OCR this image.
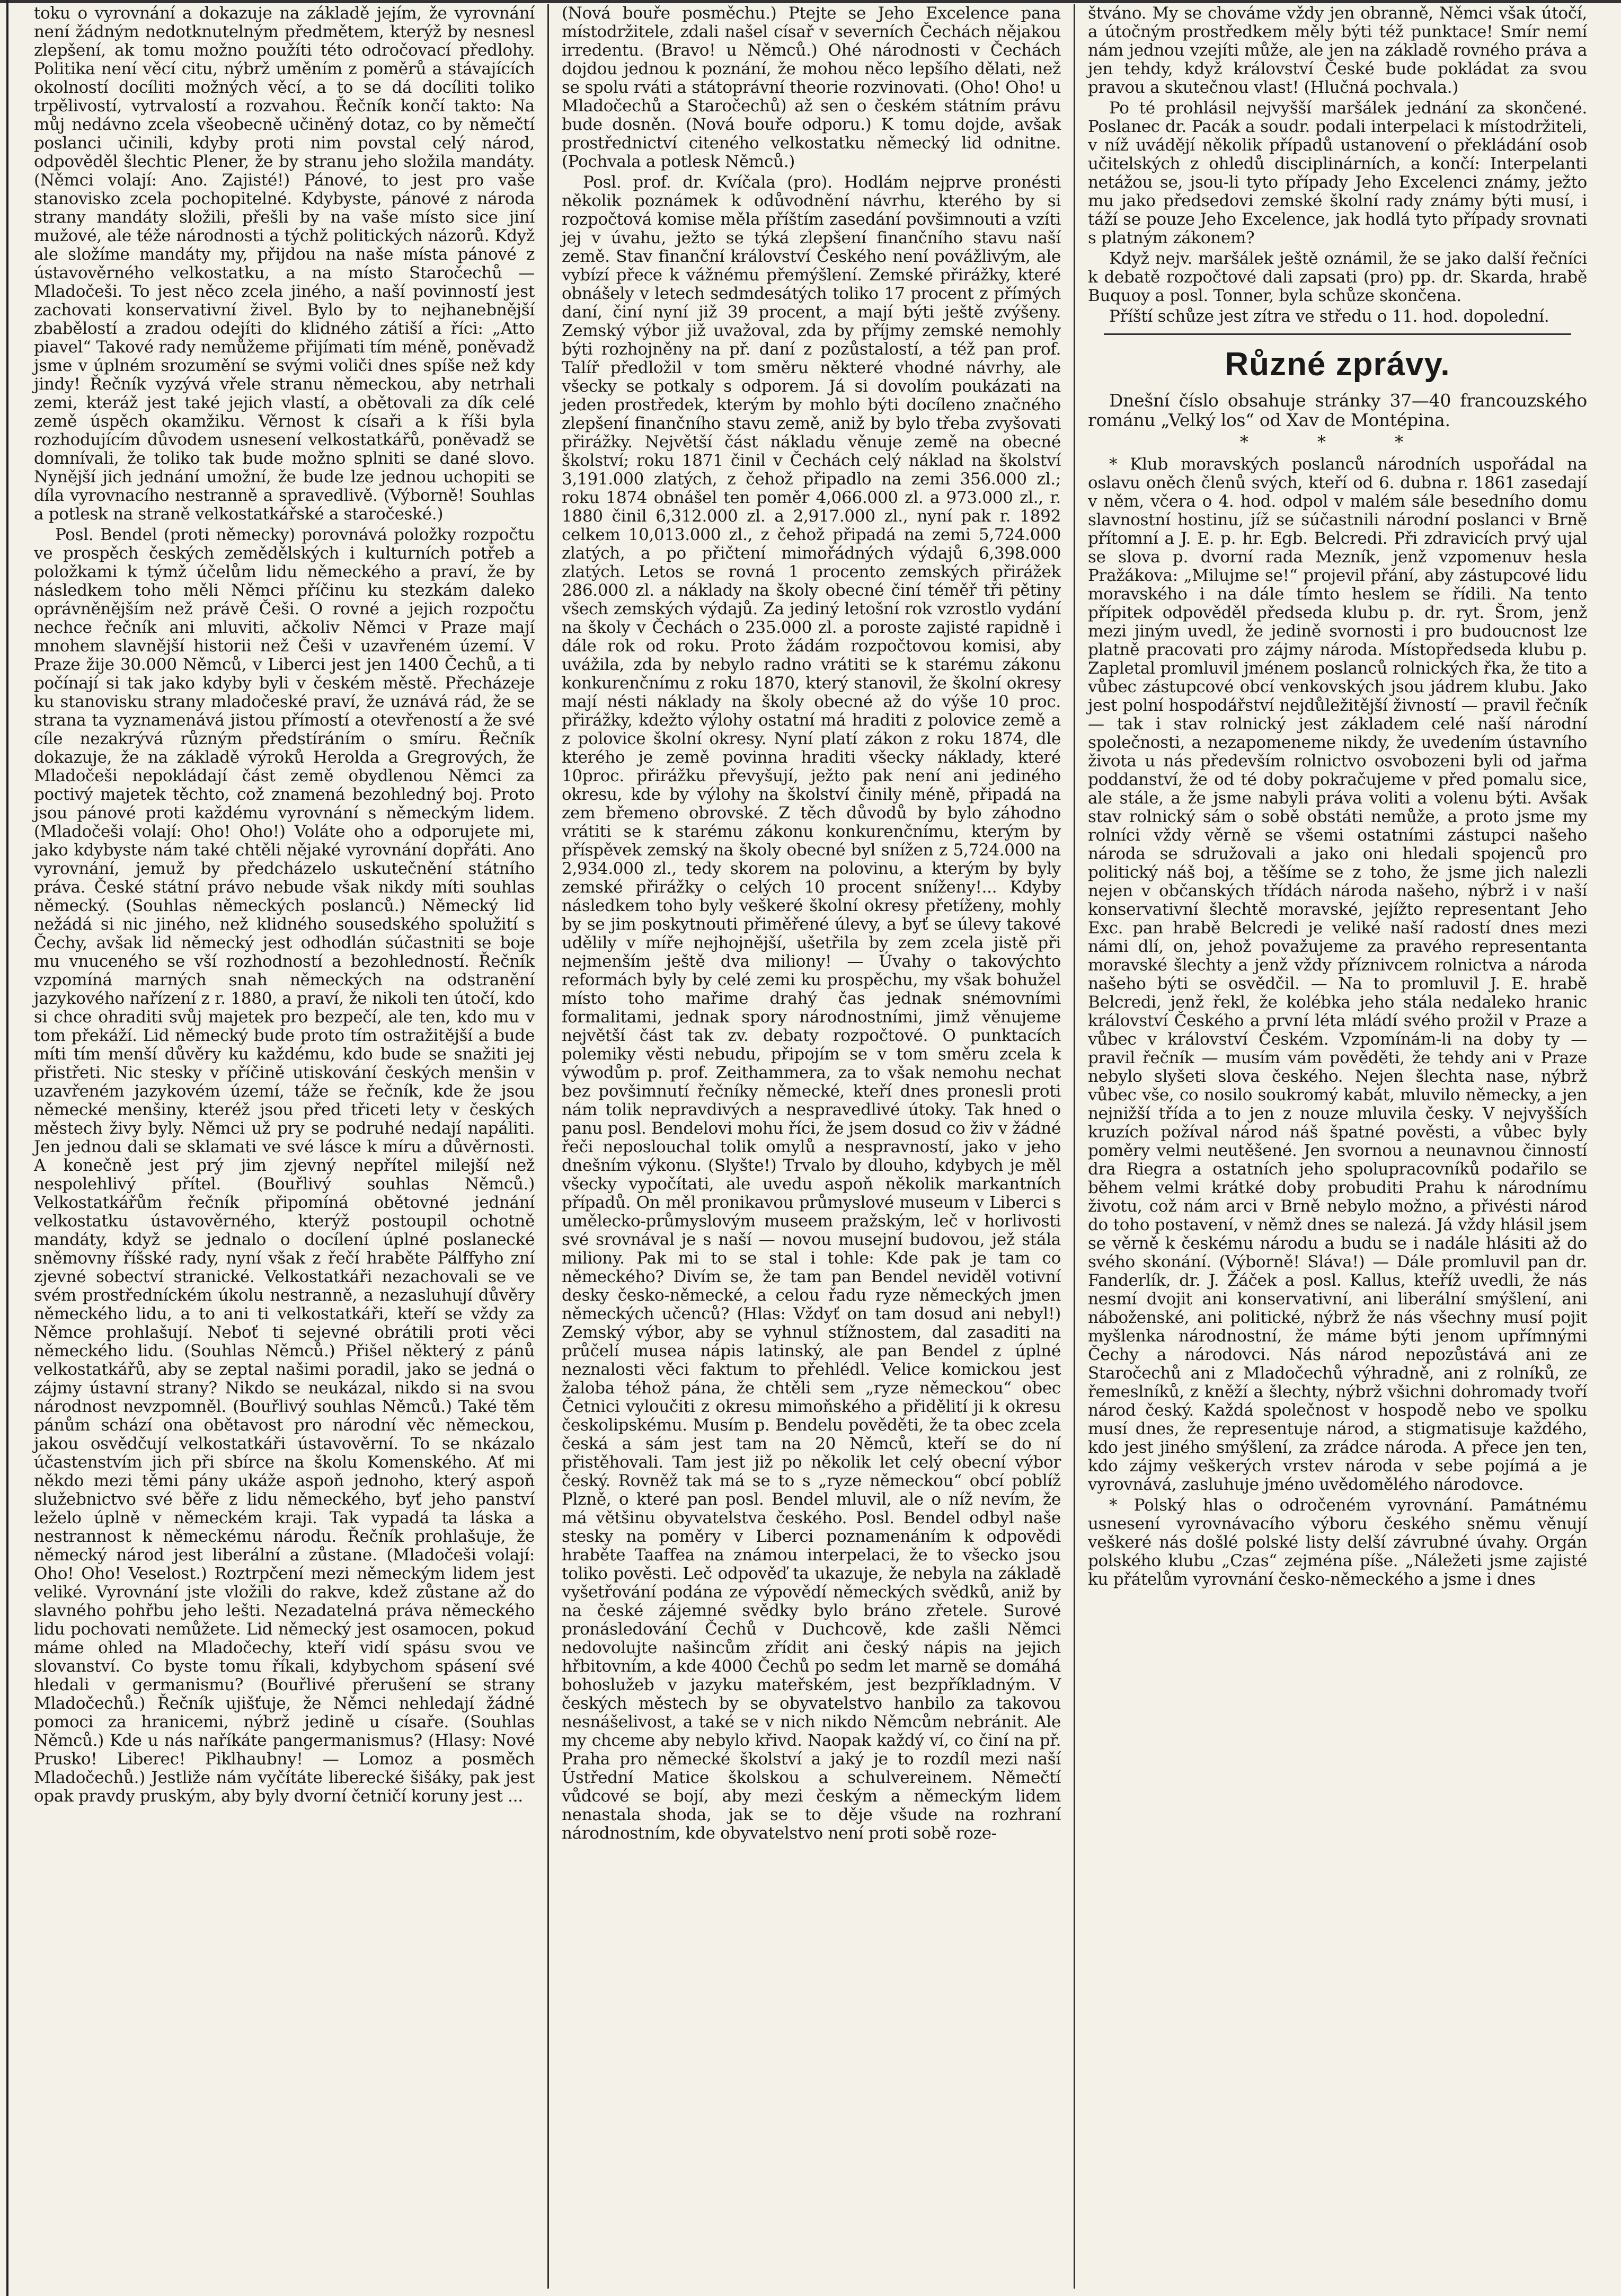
toku o vyrovnání a dokazuje na základě jejím, že vyrovnání není žádným nedotknutelným předmětem, kterýž by nesnesl zlepšení, ak tomu možno použíti této odročovací předlohy. Politika není věcí citu, nýbrž uměním z poměrů a stávajících okolností docíliti možných věcí, a to se dá docíliti toliko trpělivostí, vytrvalostí a rozvahou. Řečník končí takto: Na můj nedávno zcela všeobecně učiněný dotaz, co by němečtí poslanci učinili, kdyby proti nim povstal celý národ, odpověděl šlechtic Plener, že by stranu jeho složila mandáty. (Němci volají: Ano. Zajisté!) Pánové, to jest pro vaše stanovisko zcela pochopitelné. Kdybyste, pánové z národa strany mandáty složili, přešli by na vaše místo sice jiní mužové, ale téže národnosti a týchž politických názorů. Když ale složíme mandáty my, přijdou na naše místa pánové z ústavověrného velkostatku, a na místo Staročechů — Mladočeši. To jest něco zcela jiného, a naší povinností jest zachovati konservativní živel. Bylo by to nejhanebnější zbabělostí a zradou odejíti do klidného zátiší a říci: „Atto piavel“ Takové rady nemůžeme přijímati tím méně, poněvadž jsme v úplném srozumění se svými voliči dnes spíše než kdy jindy! Řečník vyzývá vřele stranu německou, aby netrhali zemi, kteráž jest také jejich vlastí, a obětovali za dík celé země úspěch okamžiku. Věrnost k císaři a k říši byla rozhodujícím důvodem usnesení velkostatkářů, poněvadž se domnívali, že toliko tak bude možno splniti se dané slovo. Nynější jich jednání umožní, že bude lze jednou uchopiti se díla vyrovnacího nestranně a spravedlivě. (Výborně! Souhlas a potlesk na straně velkostatkářské a staročeské.)

Posl. Bendel (proti německy) porovnává položky rozpočtu ve prospěch českých zemědělských i kulturních potřeb a položkami k týmž účelům lidu německého a praví, že by následkem toho měli Němci příčinu ku stezkám daleko oprávněnějším než právě Češi. O rovné a jejich rozpočtu nechce řečník ani mluviti, ačkoliv Němci v Praze mají mnohem slavnější historii než Češi v uzavřeném území. V Praze žije 30.000 Němců, v Liberci jest jen 1400 Čechů, a ti počínají si tak jako kdyby byli v českém městě. Přecházeje ku stanovisku strany mladočeské praví, že uznává rád, že se strana ta vyznamenává jistou přímostí a otevřeností a že své cíle nezakrývá různým předstíráním o smíru. Řečník dokazuje, že na základě výroků Herolda a Gregrových, že Mladočeši nepokládají část země obydlenou Němci za poctivý majetek těchto, což znamená bezohledný boj. Proto jsou pánové proti každému vyrovnání s německým lidem. (Mladočeši volají: Oho! Oho!) Voláte oho a odporujete mi, jako kdybyste nám také chtěli nějaké vyrovnání dopřáti. Ano vyrovnání, jemuž by předcházelo uskutečnění státního práva. České státní právo nebude však nikdy míti souhlas německý. (Souhlas německých poslanců.) Německý lid nežádá si nic jiného, než klidného sousedského spolužití s Čechy, avšak lid německý jest odhodlán súčastniti se boje mu vnuceného se vší rozhodností a bezohledností. Řečník vzpomíná marných snah německých na odstranění jazykového nařízení z r. 1880, a praví, že nikoli ten útočí, kdo si chce ohraditi svůj majetek pro bezpečí, ale ten, kdo mu v tom překáží. Lid německý bude proto tím ostražitější a bude míti tím menší důvěry ku každému, kdo bude se snažiti jej přistřeti. Nic stesky v příčině utiskování českých menšin v uzavřeném jazykovém území, táže se řečník, kde že jsou německé menšiny, kteréž jsou před třiceti lety v českých městech živy byly. Němci už pry se podruhé nedají napáliti. Jen jednou dali se sklamati ve své lásce k míru a důvěrnosti. A konečně jest prý jim zjevný nepřítel milejší než nespolehlivý přítel. (Bouřlivý souhlas Němců.) Velkostatkářům řečník připomíná obětovné jednání velkostatku ústavověrného, kterýž postoupil ochotně mandáty, když se jednalo o docílení úplné poslanecké sněmovny říšské rady, nyní však z řečí hraběte Pálffyho zní zjevné sobectví stranické. Velkostatkáři nezachovali se ve svém prostředníckém úkolu nestranně, a nezasluhují důvěry německého lidu, a to ani ti velkostatkáři, kteří se vždy za Němce prohlašují. Neboť ti sejevné obrátili proti věci německého lidu. (Souhlas Němců.) Přišel některý z pánů velkostatkářů, aby se zeptal našimi poradil, jako se jedná o zájmy ústavní strany? Nikdo se neukázal, nikdo si na svou národnost nevzpomněl. (Bouřlivý souhlas Němců.) Také těm pánům schází ona obětavost pro národní věc německou, jakou osvědčují velkostatkáři ústavověrní. To se nkázalo účastenstvím jich při sbírce na školu Komenského. Ať mi někdo mezi těmi pány ukáže aspoň jednoho, který aspoň služebnictvo své běře z lidu německého, byť jeho panství leželo úplně v německém kraji. Tak vypadá ta láska a nestrannost k německému národu. Řečník prohlašuje, že německý národ jest liberální a zůstane. (Mladočeši volají: Oho! Oho! Veselost.) Roztrpčení mezi německým lidem jest veliké. Vyrovnání jste vložili do rakve, kdež zůstane až do slavného pohřbu jeho lešti. Nezadatelná práva německého lidu pochovati nemůžete. Lid německý jest osamocen, pokud máme ohled na Mladočechy, kteří vidí spásu svou ve slovanství. Co byste tomu říkali, kdybychom spásení své hledali v germanismu? (Bouřlivé přerušení se strany Mladočechů.) Řečník ujišťuje, že Němci nehledají žádné pomoci za hranicemi, nýbrž jedině u císaře. (Souhlas Němců.) Kde u nás naříkáte pangermanismus? (Hlasy: Nové Prusko! Liberec! Piklhaubny! — Lomoz a posměch Mladočechů.) Jestliže nám vyčítáte liberecké šišáky, pak jest opak pravdy pruským, aby byly dvorní četničí koruny jest ...

(Nová bouře posměchu.) Ptejte se Jeho Excelence pana místodržitele, zdali našel císař v severních Čechách nějakou irredentu. (Bravo! u Němců.) Ohé národnosti v Čechách dojdou jednou k poznání, že mohou něco lepšího dělati, než se spolu rváti a státoprávní theorie rozvinovati. (Oho! Oho! u Mladočechů a Staročechů) až sen o českém státním právu bude dosněn. (Nová bouře odporu.) K tomu dojde, avšak prostřednictví citeného velkostatku německý lid odnitne. (Pochvala a potlesk Němců.)

Posl. prof. dr. Kvíčala (pro). Hodlám nejprve pronésti několik poznámek k odůvodnění návrhu, kterého by si rozpočtová komise měla příštím zasedání povšimnouti a vzíti jej v úvahu, ježto se týká zlepšení finančního stavu naší země. Stav finanční království Českého není povážlivým, ale vybízí přece k vážnému přemýšlení. Zemské přirážky, které obnášely v letech sedmdesátých toliko 17 procent z přímých daní, činí nyní již 39 procent, a mají býti ještě zvýšeny. Zemský výbor již uvažoval, zda by příjmy zemské nemohly býti rozhojněny na př. daní z pozůstalostí, a též pan prof. Talíř předložil v tom směru některé vhodné návrhy, ale všecky se potkaly s odporem. Já si dovolím poukázati na jeden prostředek, kterým by mohlo býti docíleno značného zlepšení finančního stavu země, aniž by bylo třeba zvyšovati přirážky. Největší část nákladu věnuje země na obecné školství; roku 1871 činil v Čechách celý náklad na školství 3,191.000 zlatých, z čehož připadlo na zemi 356.000 zl.; roku 1874 obnášel ten poměr 4,066.000 zl. a 973.000 zl., r. 1880 činil 6,312.000 zl. a 2,917.000 zl., nyní pak r. 1892 celkem 10,013.000 zl., z čehož připadá na zemi 5,724.000 zlatých, a po přičtení mimořádných výdajů 6,398.000 zlatých. Letos se rovná 1 procento zemských přirážek 286.000 zl. a náklady na školy obecné činí téměř tři pětiny všech zemských výdajů. Za jediný letošní rok vzrostlo vydání na školy v Čechách o 235.000 zl. a poroste zajisté rapidně i dále rok od roku. Proto žádám rozpočtovou komisi, aby uvážila, zda by nebylo radno vrátiti se k starému zákonu konkurenčnímu z roku 1870, který stanovil, že školní okresy mají nésti náklady na školy obecné až do výše 10 proc. přirážky, kdežto výlohy ostatní má hraditi z polovice země a z polovice školní okresy. Nyní platí zákon z roku 1874, dle kterého je země povinna hraditi všecky náklady, které 10proc. přirážku převyšují, ježto pak není ani jediného okresu, kde by výlohy na školství činily méně, připadá na zem břemeno obrovské. Z těch důvodů by bylo záhodno vrátiti se k starému zákonu konkurenčnímu, kterým by příspěvek zemský na školy obecné byl snížen z 5,724.000 na 2,934.000 zl., tedy skorem na polovinu, a kterým by byly zemské přirážky o celých 10 procent sníženy!... Kdyby následkem toho byly veškeré školní okresy přetíženy, mohly by se jim poskytnouti přiměřené úlevy, a byť se úlevy takové udělily v míře nejhojnější, ušetřila by zem zcela jistě při nejmenším ještě dva miliony! — Úvahy o takovýchto reformách byly by celé zemi ku prospěchu, my však bohužel místo toho mařime drahý čas jednak snémovními formalitami, jednak spory národnostními, jimž věnujeme největší část tak zv. debaty rozpočtové. O punktacích polemiky věsti nebudu, připojím se v tom směru zcela k výwodům p. prof. Zeithammera, za to však nemohu nechat bez povšimnutí řečníky německé, kteří dnes pronesli proti nám tolik nepravdivých a nespravedlivé útoky. Tak hned o panu posl. Bendelovi mohu říci, že jsem dosud co živ v žádné řeči neposlouchal tolik omylů a nespravností, jako v jeho dnešním výkonu. (Slyšte!) Trvalo by dlouho, kdybych je měl všecky vypočítati, ale uvedu aspoň několik markantních případů. On měl pronikavou průmyslové museum v Liberci s umělecko-průmyslovým museem pražským, leč v horlivosti své srovnával je s naší — novou musejní budovou, jež stála miliony. Pak mi to se stal i tohle: Kde pak je tam co německého? Divím se, že tam pan Bendel neviděl votivní desky česko-německé, a celou řadu ryze německých jmen německých učenců? (Hlas: Vždyť on tam dosud ani nebyl!) Zemský výbor, aby se vyhnul stížnostem, dal zasaditi na průčelí musea nápis latinský, ale pan Bendel z úplné neznalosti věci faktum to přehlédl. Velice komickou jest žaloba téhož pána, že chtěli sem „ryze německou“ obec Četnici vyloučiti z okresu mimoňského a přidělití ji k okresu českolipskému. Musím p. Bendelu pověděti, že ta obec zcela česká a sám jest tam na 20 Němců, kteří se do ní přistěhovali. Tam jest již po několik let celý obecní výbor český. Rovněž tak má se to s „ryze německou“ obcí poblíž Plzně, o které pan posl. Bendel mluvil, ale o níž nevím, že má většinu obyvatelstva českého. Posl. Bendel odbyl naše stesky na poměry v Liberci poznamenáním k odpovědi hraběte Taaffea na známou interpelaci, že to všecko jsou toliko pověsti. Leč odpověď ta ukazuje, že nebyla na základě vyšetřování podána ze výpovědí německých svědků, aniž by na české zájemné svědky bylo bráno zřetele. Surové pronásledování Čechů v Duchcově, kde zašli Němci nedovolujte našincům zřídit ani český nápis na jejich hřbitovním, a kde 4000 Čechů po sedm let marně se domáhá bohoslužeb v jazyku mateřském, jest bezpříkladným. V českých městech by se obyvatelstvo hanbilo za takovou nesnášelivost, a také se v nich nikdo Němcům nebránit. Ale my chceme aby nebylo křivd. Naopak každý ví, co činí na př. Praha pro německé školství a jaký je to rozdíl mezi naší Ústřední Matice školskou a schulvereinem. Němečtí vůdcové se bojí, aby mezi českým a německým lidem nenastala shoda, jak se to děje všude na rozhraní národnostním, kde obyvatelstvo není proti sobě roze-

štváno. My se chováme vždy jen obranně, Němci však útočí, a útočným prostředkem měly býti též punktace! Smír nemí nám jednou vzejíti může, ale jen na základě rovného práva a jen tehdy, když království České bude pokládat za svou pravou a skutečnou vlast! (Hlučná pochvala.)

Po té prohlásil nejvyšší maršálek jednání za skončené. Poslanec dr. Pacák a soudr. podali interpelaci k místodržiteli, v níž uvádějí několik případů ustanovení o překládání osob učitelských z ohledů disciplinárních, a končí: Interpelanti netážou se, jsou-li tyto případy Jeho Excelenci známy, ježto mu jako předsedovi zemské školní rady známy býti musí, i táží se pouze Jeho Excelence, jak hodlá tyto případy srovnati s platným zákonem?

Když nejv. maršálek ještě oznámil, že se jako další řečníci k debatě rozpočtové dali zapsati (pro) pp. dr. Skarda, hrabě Buquoy a posl. Tonner, byla schůze skončena.

Příští schůze jest zítra ve středu o 11. hod. dopolední.

Různé zprávy.

Dnešní číslo obsahuje stránky 37—40 francouzského románu „Velký los“ od Xav de Montépina.

* * *

* Klub moravských poslanců národních uspořádal na oslavu oněch členů svých, kteří od 6. dubna r. 1861 zasedají v něm, včera o 4. hod. odpol v malém sále besedního domu slavnostní hostinu, jíž se súčastnili národní poslanci v Brně přítomní a J. E. p. hr. Egb. Belcredi. Při zdravicích prvý ujal se slova p. dvorní rada Mezník, jenž vzpomenuv hesla Pražákova: „Milujme se!“ projevil přání, aby zástupcové lidu moravského i na dále tímto heslem se řídili. Na tento přípitek odpověděl předseda klubu p. dr. ryt. Šrom, jenž mezi jiným uvedl, že jedině svornosti i pro budoucnost lze platně pracovati pro zájmy národa. Místopředseda klubu p. Zapletal promluvil jménem poslanců rolnických řka, že tito a vůbec zástupcové obcí venkovských jsou jádrem klubu. Jako jest polní hospodářství nejdůležitější živností — pravil řečník — tak i stav rolnický jest základem celé naší národní společnosti, a nezapomeneme nikdy, že uvedením ústavního života u nás především rolnictvo osvobozeni byli od jařma poddanství, že od té doby pokračujeme v před pomalu sice, ale stále, a že jsme nabyli práva voliti a volenu býti. Avšak stav rolnický sám o sobě obstáti nemůže, a proto jsme my rolníci vždy věrně se všemi ostatními zástupci našeho národa se sdružovali a jako oni hledali spojenců pro politický náš boj, a těšíme se z toho, že jsme jich nalezli nejen v občanských třídách národa našeho, nýbrž i v naší konservativní šlechtě moravské, jejížto representant Jeho Exc. pan hrabě Belcredi je veliké naší radostí dnes mezi námi dlí, on, jehož považujeme za pravého representanta moravské šlechty a jenž vždy příznivcem rolnictva a národa našeho býti se osvědčil. — Na to promluvil J. E. hrabě Belcredi, jenž řekl, že kolébka jeho stála nedaleko hranic království Českého a první léta mládí svého prožil v Praze a vůbec v království Českém. Vzpomínám-li na doby ty — pravil řečník — musím vám pověděti, že tehdy ani v Praze nebylo slyšeti slova českého. Nejen šlechta nase, nýbrž vůbec vše, co nosilo soukromý kabát, mluvilo německy, a jen nejnižší třída a to jen z nouze mluvila česky. V nejvyšších kruzích požíval národ náš špatné pověsti, a vůbec byly poměry velmi neutěšené. Jen svornou a neunavnou činností dra Riegra a ostatních jeho spolupracovníků podařilo se během velmi krátké doby probuditi Prahu k národnímu životu, což nám arci v Brně nebylo možno, a přivésti národ do toho postavení, v němž dnes se nalezá. Já vždy hlásil jsem se věrně k českému národu a budu se i nadále hlásiti až do svého skonání. (Výborně! Sláva!) — Dále promluvil pan dr. Fanderlík, dr. J. Žáček a posl. Kallus, kteříž uvedli, že nás nesmí dvojit ani konservativní, ani liberální smýšlení, ani náboženské, ani politické, nýbrž že nás všechny musí pojit myšlenka národnostní, že máme býti jenom upřímnými Čechy a národovci. Nás národ nepozůstává ani ze Staročechů ani z Mladočechů výhradně, ani z rolníků, ze řemeslníků, z kněží a šlechty, nýbrž všichni dohromady tvoří národ český. Každá společnost v hospodě nebo ve spolku musí dnes, že representuje národ, a stigmatisuje každého, kdo jest jiného smýšlení, za zrádce národa. A přece jen ten, kdo zájmy veškerých vrstev národa v sebe pojímá a je vyrovnává, zasluhuje jméno uvědomělého národovce.

* Polský hlas o odročeném vyrovnání. Památnému usnesení vyrovnávacího výboru českého sněmu věnují veškeré nás došlé polské listy delší závrubné úvahy. Orgán polského klubu „Czas“ zejména píše. „Náležeti jsme zajisté ku přátelům vyrovnání česko-německého a jsme i dnes
